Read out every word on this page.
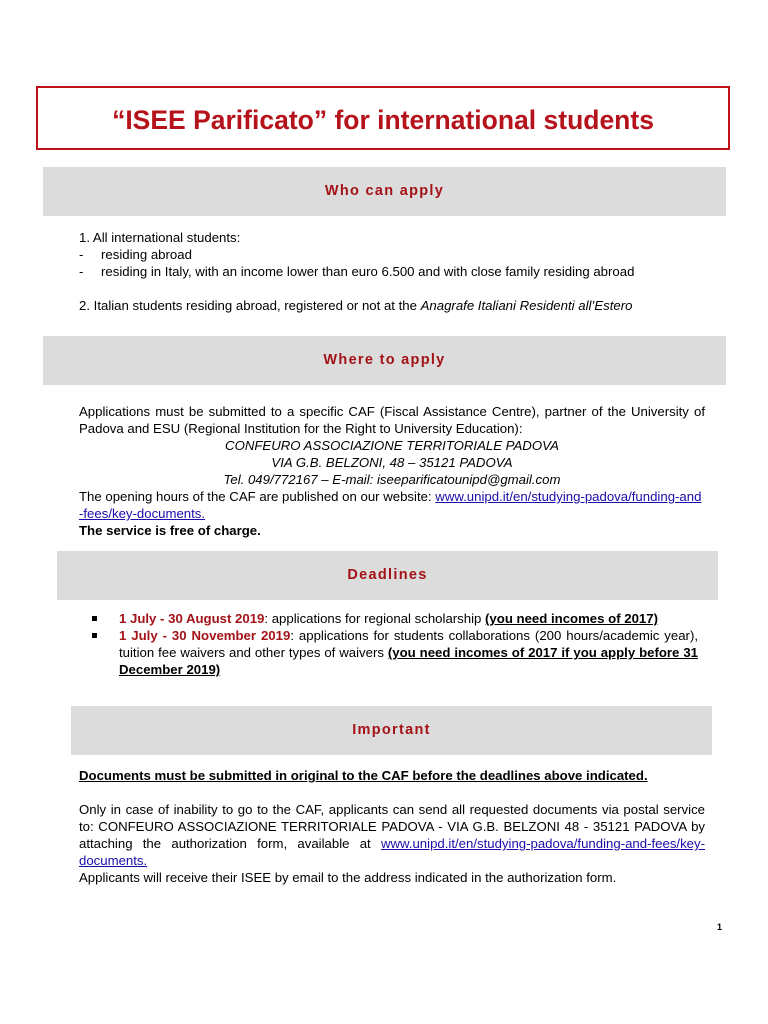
“ISEE Parificato” for international students
Who can apply
1. All international students:
- residing abroad
- residing in Italy, with an income lower than euro 6.500 and with close family residing abroad
2. Italian students residing abroad, registered or not at the Anagrafe Italiani Residenti all’Estero
Where to apply
Applications must be submitted to a specific CAF (Fiscal Assistance Centre), partner of the University of Padova and ESU (Regional Institution for the Right to University Education):
CONFEURO ASSOCIAZIONE TERRITORIALE PADOVA
VIA G.B. BELZONI, 48 – 35121 PADOVA
Tel. 049/772167 – E-mail: iseeparificatounipd@gmail.com
The opening hours of the CAF are published on our website: www.unipd.it/en/studying-padova/funding-and-fees/key-documents.
The service is free of charge.
Deadlines
1 July - 30 August 2019: applications for regional scholarship (you need incomes of 2017)
1 July - 30 November 2019: applications for students collaborations (200 hours/academic year), tuition fee waivers and other types of waivers (you need incomes of 2017 if you apply before 31 December 2019)
Important
Documents must be submitted in original to the CAF before the deadlines above indicated.
Only in case of inability to go to the CAF, applicants can send all requested documents via postal service to: CONFEURO ASSOCIAZIONE TERRITORIALE PADOVA - VIA G.B. BELZONI 48 - 35121 PADOVA by attaching the authorization form, available at www.unipd.it/en/studying-padova/funding-and-fees/key-documents.
Applicants will receive their ISEE by email to the address indicated in the authorization form.
1
